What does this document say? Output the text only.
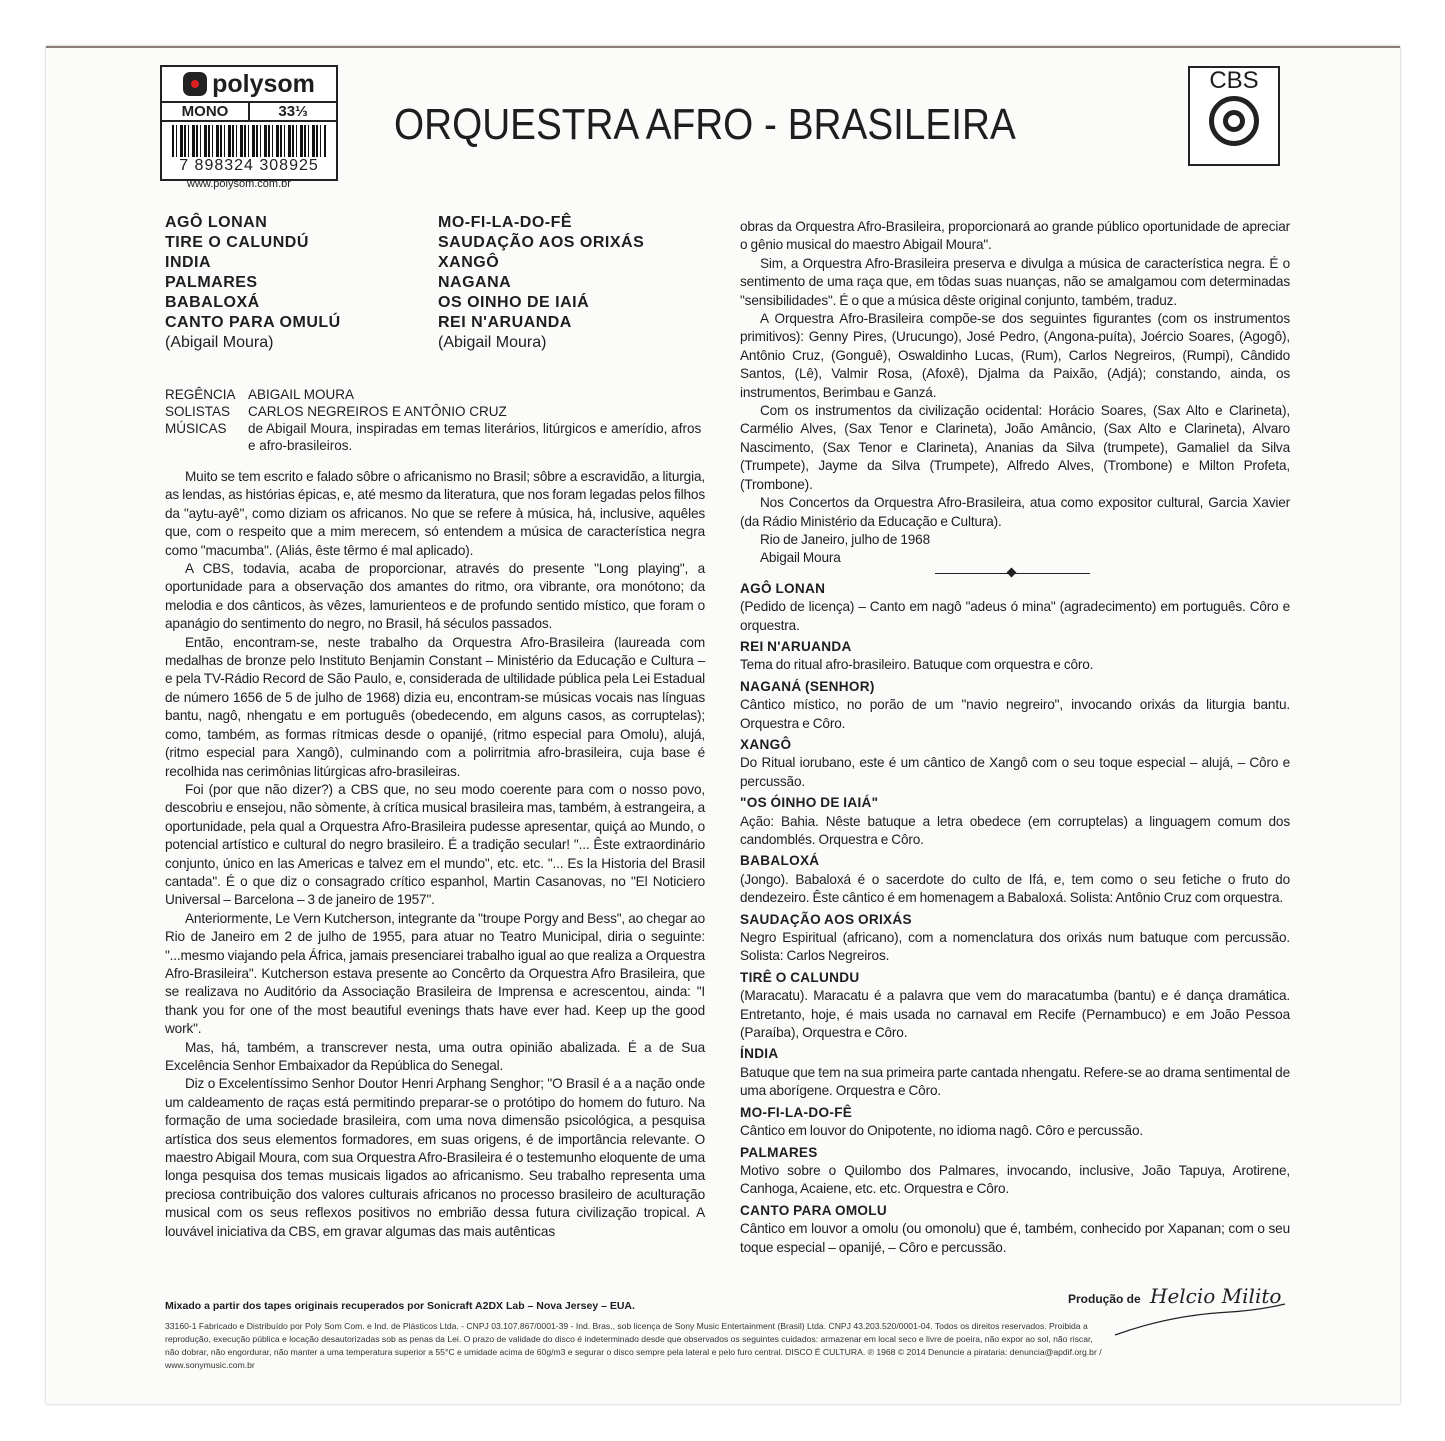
polysom
MONO	33⅓
7 898324 308925
www.polysom.com.br
ORQUESTRA AFRO - BRASILEIRA
CBS
AGÔ LONAN
TIRE O CALUNDÚ
INDIA
PALMARES
BABALOXÁ
CANTO PARA OMULÚ
(Abigail Moura)
MO-FI-LA-DO-FÊ
SAUDAÇÃO AOS ORIXÁS
XANGÔ
NAGANA
OS OINHO DE IAIÁ
REI N'ARUANDA
(Abigail Moura)
REGÊNCIA ABIGAIL MOURA
SOLISTAS	CARLOS NEGREIROS E ANTÔNIO CRUZ
MÚSICAS	de Abigail Moura, inspiradas em temas literários, litúrgicos e amerídio, afros e afro-brasileiros.

Muito se tem escrito e falado sôbre o africanismo no Brasil; sôbre a escravidão, a liturgia, as lendas, as histórias épicas, e, até mesmo da literatura, que nos foram legadas pelos filhos da "aytu-ayê", como diziam os africanos. No que se refere à música, há, inclusive, aquêles que, com o respeito que a mim merecem, só entendem a música de característica negra como "macumba". (Aliás, êste têrmo é mal aplicado).

A CBS, todavia, acaba de proporcionar, através do presente "Long playing", a oportunidade para a observação dos amantes do ritmo, ora vibrante, ora monótono; da melodia e dos cânticos, às vêzes, lamurienteos e de profundo sentido místico, que foram o apanágio do sentimento do negro, no Brasil, há séculos passados.

Então, encontram-se, neste trabalho da Orquestra Afro-Brasileira (laureada com medalhas de bronze pelo Instituto Benjamin Constant – Ministério da Educação e Cultura – e pela TV-Rádio Record de São Paulo, e, considerada de ultilidade pública pela Lei Estadual de número 1656 de 5 de julho de 1968) dizia eu, encontram-se músicas vocais nas línguas bantu, nagô, nhengatu e em português (obedecendo, em alguns casos, as corruptelas); como, também, as formas rítmicas desde o opanijé, (ritmo especial para Omolu), alujá, (ritmo especial para Xangô), culminando com a polirritmia afro-brasileira, cuja base é recolhida nas cerimônias litúrgicas afro-brasileiras.

Foi (por que não dizer?) a CBS que, no seu modo coerente para com o nosso povo, descobriu e ensejou, não sòmente, à crítica musical brasileira mas, também, à estrangeira, a oportunidade, pela qual a Orquestra Afro-Brasileira pudesse apresentar, quiçá ao Mundo, o potencial artístico e cultural do negro brasileiro. É a tradição secular! "... Êste extraordinário conjunto, único en las Americas e talvez em el mundo", etc. etc. "... Es la Historia del Brasil cantada". É o que diz o consagrado crítico espanhol, Martin Casanovas, no "El Noticiero Universal – Barcelona – 3 de janeiro de 1957".

Anteriormente, Le Vern Kutcherson, integrante da "troupe Porgy and Bess", ao chegar ao Rio de Janeiro em 2 de julho de 1955, para atuar no Teatro Municipal, diria o seguinte: "...mesmo viajando pela África, jamais presenciarei trabalho igual ao que realiza a Orquestra Afro-Brasileira". Kutcherson estava presente ao Concêrto da Orquestra Afro Brasileira, que se realizava no Auditório da Associação Brasileira de Imprensa e acrescentou, ainda: "I thank you for one of the most beautiful evenings thats have ever had. Keep up the good work".

Mas, há, também, a transcrever nesta, uma outra opinião abalizada. É a de Sua Excelência Senhor Embaixador da República do Senegal.

Diz o Excelentíssimo Senhor Doutor Henri Arphang Senghor; "O Brasil é a a nação onde um caldeamento de raças está permitindo preparar-se o protótipo do homem do futuro. Na formação de uma sociedade brasileira, com uma nova dimensão psicológica, a pesquisa artística dos seus elementos formadores, em suas origens, é de importância relevante. O maestro Abigail Moura, com sua Orquestra Afro-Brasileira é o testemunho eloquente de uma longa pesquisa dos temas musicais ligados ao africanismo. Seu trabalho representa uma preciosa contribuição dos valores culturais africanos no processo brasileiro de aculturação musical com os seus reflexos positivos no embrião dessa futura civilização tropical. A louvável iniciativa da CBS, em gravar algumas das mais autênticas

obras da Orquestra Afro-Brasileira, proporcionará ao grande público oportunidade de apreciar o gênio musical do maestro Abigail Moura".

Sim, a Orquestra Afro-Brasileira preserva e divulga a música de característica negra. É o sentimento de uma raça que, em tôdas suas nuanças, não se amalgamou com determinadas "sensibilidades". É o que a música dêste original conjunto, também, traduz.

A Orquestra Afro-Brasileira compõe-se dos seguintes figurantes (com os instrumentos primitivos): Genny Pires, (Urucungo), José Pedro, (Angona-puíta), Joércio Soares, (Agogô), Antônio Cruz, (Gonguê), Oswaldinho Lucas, (Rum), Carlos Negreiros, (Rumpi), Cândido Santos, (Lê), Valmir Rosa, (Afoxê), Djalma da Paixão, (Adjá); constando, ainda, os instrumentos, Berimbau e Ganzá.

Com os instrumentos da civilização ocidental: Horácio Soares, (Sax Alto e Clarineta), Carmélio Alves, (Sax Tenor e Clarineta), João Amâncio, (Sax Alto e Clarineta), Alvaro Nascimento, (Sax Tenor e Clarineta), Ananias da Silva (trumpete), Gamaliel da Silva (Trumpete), Jayme da Silva (Trumpete), Alfredo Alves, (Trombone) e Milton Profeta, (Trombone).

Nos Concertos da Orquestra Afro-Brasileira, atua como expositor cultural, Garcia Xavier (da Rádio Ministério da Educação e Cultura).

Rio de Janeiro, julho de 1968

Abigail Moura

AGÔ LONAN
(Pedido de licença) – Canto em nagô "adeus ó mina" (agradecimento) em português. Côro e orquestra.
REI N'ARUANDA
Tema do ritual afro-brasileiro. Batuque com orquestra e côro.
NAGANÁ (SENHOR)
Cântico místico, no porão de um "navio negreiro", invocando orixás da liturgia bantu. Orquestra e Côro.
XANGÔ
Do Ritual iorubano, este é um cântico de Xangô com o seu toque especial – alujá, – Côro e percussão.
"OS ÓINHO DE IAIÁ"
Ação: Bahia. Nêste batuque a letra obedece (em corruptelas) a linguagem comum dos candomblés. Orquestra e Côro.
BABALOXÁ
(Jongo). Babaloxá é o sacerdote do culto de Ifá, e, tem como o seu fetiche o fruto do dendezeiro. Êste cântico é em homenagem a Babaloxá. Solista: Antônio Cruz com orquestra.
SAUDAÇÃO AOS ORIXÁS
Negro Espiritual (africano), com a nomenclatura dos orixás num batuque com percussão. Solista: Carlos Negreiros.
TIRÊ O CALUNDU
(Maracatu). Maracatu é a palavra que vem do maracatumba (bantu) e é dança dramática. Entretanto, hoje, é mais usada no carnaval em Recife (Pernambuco) e em João Pessoa (Paraíba), Orquestra e Côro.
ÍNDIA
Batuque que tem na sua primeira parte cantada nhengatu. Refere-se ao drama sentimental de uma aborígene. Orquestra e Côro.
MO-FI-LA-DO-FÊ
Cântico em louvor do Onipotente, no idioma nagô. Côro e percussão.
PALMARES
Motivo sobre o Quilombo dos Palmares, invocando, inclusive, João Tapuya, Arotirene, Canhoga, Acaiene, etc. etc. Orquestra e Côro.
CANTO PARA OMOLU
Cântico em louvor a omolu (ou omonolu) que é, também, conhecido por Xapanan; com o seu toque especial – opanijé, – Côro e percussão.
Mixado a partir dos tapes originais recuperados por Sonicraft A2DX Lab – Nova Jersey – EUA.
33160-1 Fabricado e Distribuído por Poly Som Com. e Ind. de Plásticos Ltda. - CNPJ 03.107.867/0001-39 - Ind. Bras., sob licença de Sony Music Entertainment (Brasil) Ltda. CNPJ 43.203.520/0001-04. Todos os direitos reservados. Proibida a reprodução, execução pública e locação desautorizadas sob as penas da Lei. O prazo de validade do disco é indeterminado desde que observados os seguintes cuidados: armazenar em local seco e livre de poeira, não expor ao sol, não riscar, não dobrar, não engordurar, não manter a uma temperatura superior a 55°C e umidade acima de 60g/m3 e segurar o disco sempre pela lateral e pelo furo central. DISCO É CULTURA. ℗ 1968 © 2014 Denuncie a pirataria: denuncia@apdif.org.br / www.sonymusic.com.br
Produção de Helcio Milito
